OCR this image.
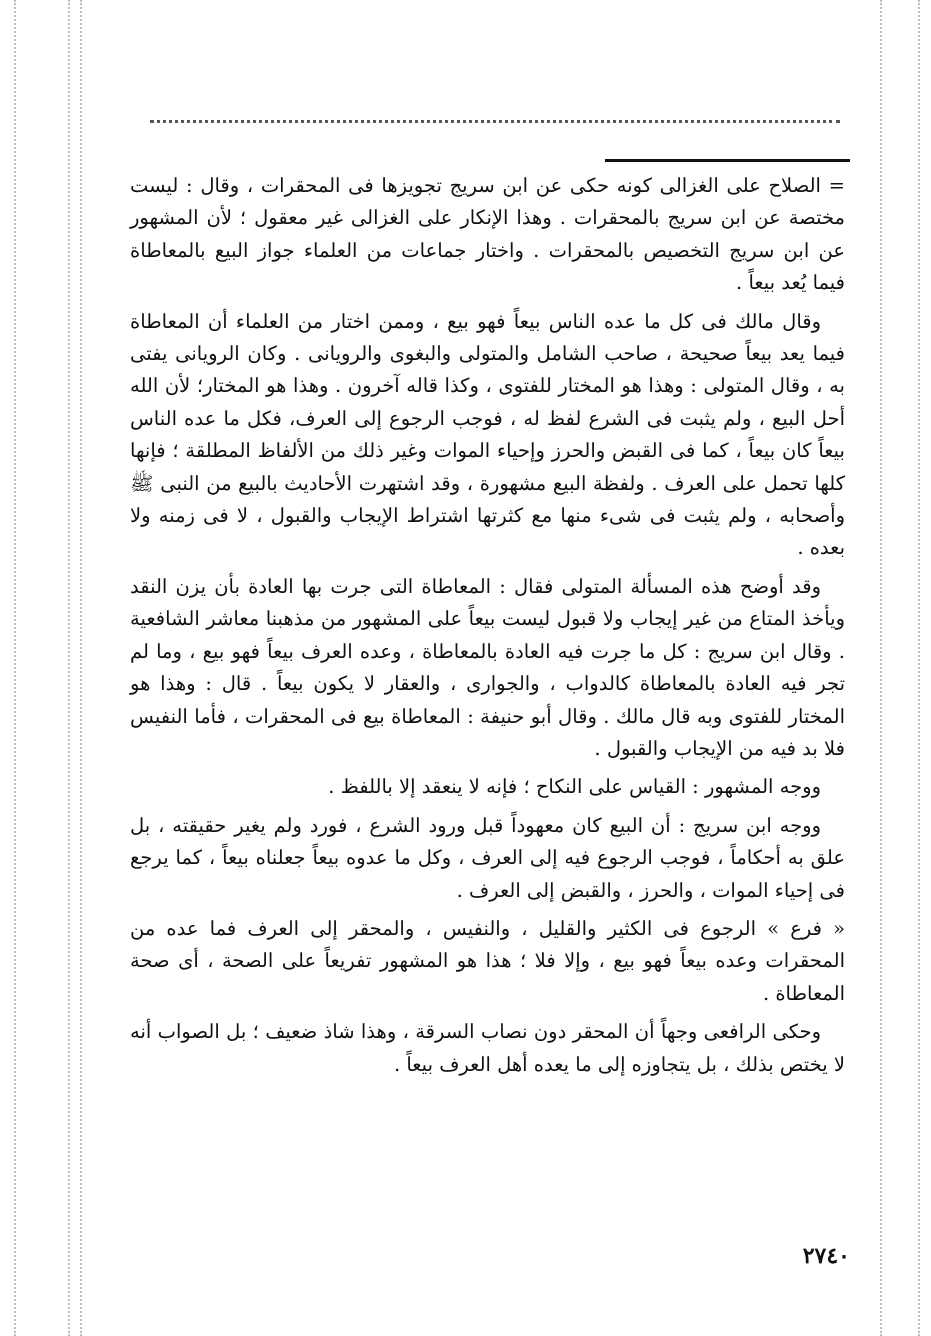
= الصلاح على الغزالى كونه حكى عن ابن سريج تجويزها فى المحقرات ، وقال : ليست مختصة عن ابن سريج بالمحقرات . وهذا الإنكار على الغزالى غير معقول ؛ لأن المشهور عن ابن سريج التخصيص بالمحقرات . واختار جماعات من العلماء جواز البيع بالمعاطاة فيما يُعد بيعاً .

وقال مالك فى كل ما عده الناس بيعاً فهو بيع ، وممن اختار من العلماء أن المعاطاة فيما يعد بيعاً صحيحة ، صاحب الشامل والمتولى والبغوى والرويانى . وكان الرويانى يفتى به ، وقال المتولى : وهذا هو المختار للفتوى ، وكذا قاله آخرون . وهذا هو المختار؛ لأن الله أحل البيع ، ولم يثبت فى الشرع لفظ له ، فوجب الرجوع إلى العرف، فكل ما عده الناس بيعاً كان بيعاً ، كما فى القبض والحرز وإحياء الموات وغير ذلك من الألفاظ المطلقة ؛ فإنها كلها تحمل على العرف . ولفظة البيع مشهورة ، وقد اشتهرت الأحاديث بالبيع من النبى ﷺ وأصحابه ، ولم يثبت فى شىء منها مع كثرتها اشتراط الإيجاب والقبول ، لا فى زمنه ولا بعده .

وقد أوضح هذه المسألة المتولى فقال : المعاطاة التى جرت بها العادة بأن يزن النقد ويأخذ المتاع من غير إيجاب ولا قبول ليست بيعاً على المشهور من مذهبنا معاشر الشافعية . وقال ابن سريج : كل ما جرت فيه العادة بالمعاطاة ، وعده العرف بيعاً فهو بيع ، وما لم تجر فيه العادة بالمعاطاة كالدواب ، والجوارى ، والعقار لا يكون بيعاً . قال : وهذا هو المختار للفتوى وبه قال مالك . وقال أبو حنيفة : المعاطاة بيع فى المحقرات ، فأما النفيس فلا بد فيه من الإيجاب والقبول .

ووجه المشهور : القياس على النكاح ؛ فإنه لا ينعقد إلا باللفظ .

ووجه ابن سريج : أن البيع كان معهوداً قبل ورود الشرع ، فورد ولم يغير حقيقته ، بل علق به أحكاماً ، فوجب الرجوع فيه إلى العرف ، وكل ما عدوه بيعاً جعلناه بيعاً ، كما يرجع فى إحياء الموات ، والحرز ، والقبض إلى العرف .

« فرع » الرجوع فى الكثير والقليل ، والنفيس ، والمحقر إلى العرف فما عده من المحقرات وعده بيعاً فهو بيع ، وإلا فلا ؛ هذا هو المشهور تفريعاً على الصحة ، أى صحة المعاطاة .

وحكى الرافعى وجهاً أن المحقر دون نصاب السرقة ، وهذا شاذ ضعيف ؛ بل الصواب أنه لا يختص بذلك ، بل يتجاوزه إلى ما يعده أهل العرف بيعاً .

٢٧٤٠
